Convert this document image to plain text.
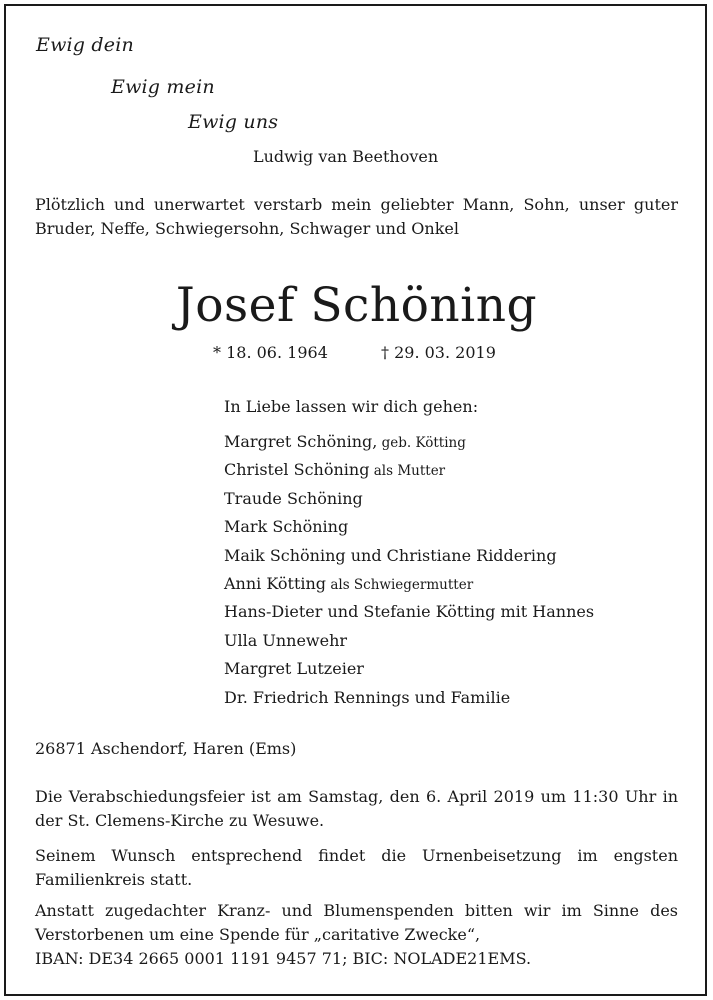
Ewig dein
Ewig mein
Ewig uns
Ludwig van Beethoven
Plötzlich und unerwartet verstarb mein geliebter Mann, Sohn, unser guter Bruder, Neffe, Schwiegersohn, Schwager und Onkel
Josef Schöning
* 18. 06. 1964	† 29. 03. 2019
In Liebe lassen wir dich gehen:
Margret Schöning, geb. Kötting
Christel Schöning als Mutter
Traude Schöning
Mark Schöning
Maik Schöning und Christiane Riddering
Anni Kötting als Schwiegermutter
Hans-Dieter und Stefanie Kötting mit Hannes
Ulla Unnewehr
Margret Lutzeier
Dr. Friedrich Rennings und Familie
26871 Aschendorf, Haren (Ems)
Die Verabschiedungsfeier ist am Samstag, den 6. April 2019 um 11:30 Uhr in der St. Clemens-Kirche zu Wesuwe.
Seinem Wunsch entsprechend findet die Urnenbeisetzung im engsten Familienkreis statt.
Anstatt zugedachter Kranz- und Blumenspenden bitten wir im Sinne des Verstorbenen um eine Spende für „caritative Zwecke“,
IBAN: DE34 2665 0001 1191 9457 71; BIC: NOLADE21EMS.
